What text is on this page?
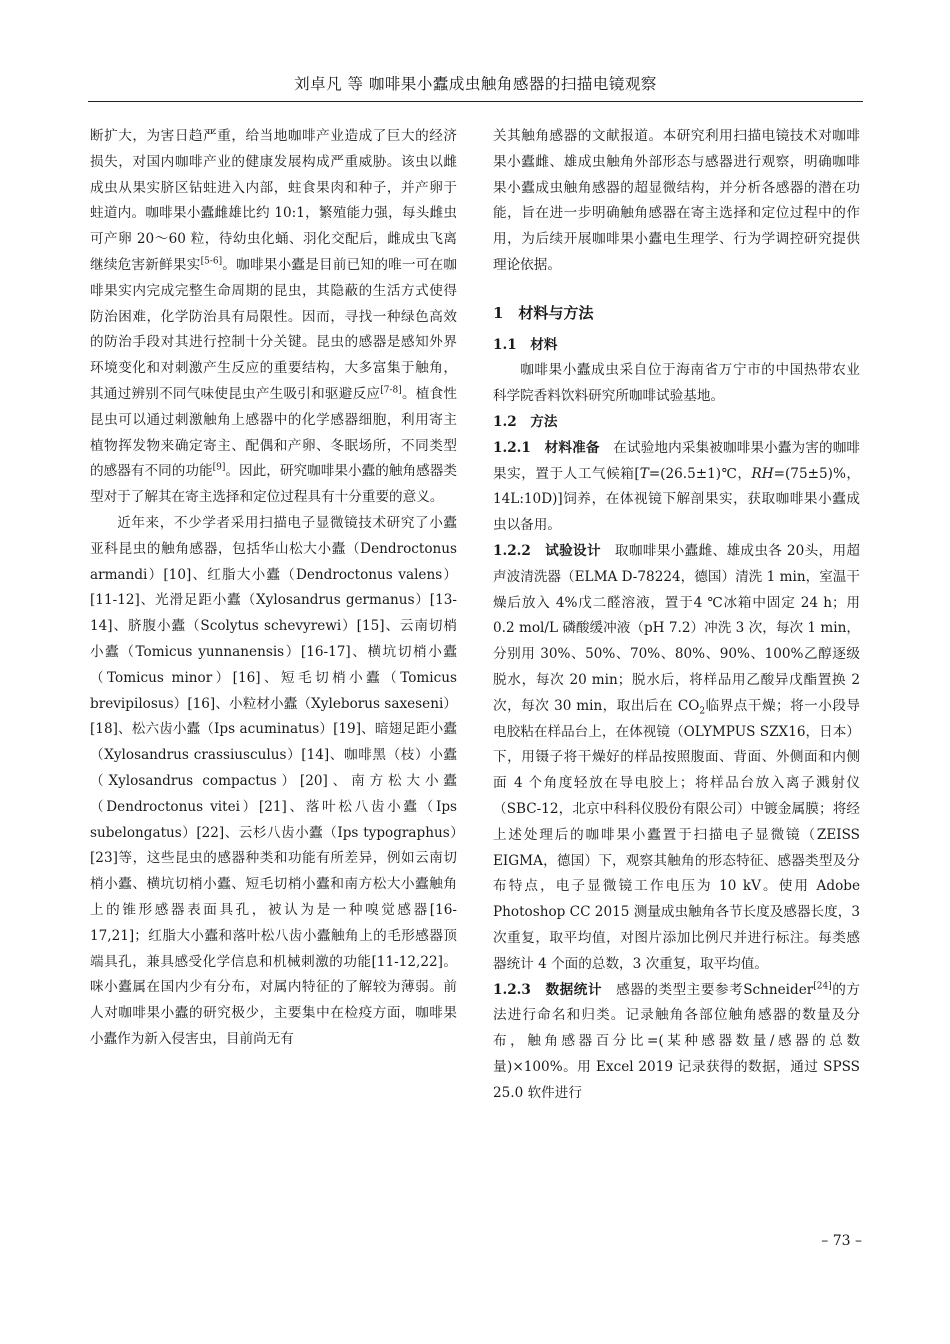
刘卓凡 等 咖啡果小蠹成虫触角感器的扫描电镜观察

断扩大，为害日趋严重，给当地咖啡产业造成了巨大的经济损失，对国内咖啡产业的健康发展构成严重威胁。该虫以雌成虫从果实脐区钻蛀进入内部，蛀食果肉和种子，并产卵于蛀道内。咖啡果小蠹雌雄比约 10:1，繁殖能力强，每头雌虫可产卵 20～60 粒，待幼虫化蛹、羽化交配后，雌成虫飞离继续危害新鲜果实[5-6]。咖啡果小蠹是目前已知的唯一可在咖啡果实内完成完整生命周期的昆虫，其隐蔽的生活方式使得防治困难，化学防治具有局限性。因而，寻找一种绿色高效的防治手段对其进行控制十分关键。昆虫的感器是感知外界环境变化和对刺激产生反应的重要结构，大多富集于触角，其通过辨别不同气味使昆虫产生吸引和驱避反应[7-8]。植食性昆虫可以通过刺激触角上感器中的化学感器细胞，利用寄主植物挥发物来确定寄主、配偶和产卵、冬眠场所，不同类型的感器有不同的功能[9]。因此，研究咖啡果小蠹的触角感器类型对于了解其在寄主选择和定位过程具有十分重要的意义。

近年来，不少学者采用扫描电子显微镜技术研究了小蠹亚科昆虫的触角感器，包括华山松大小蠹（Dendroctonus armandi）[10]、红脂大小蠹（Dendroctonus valens）[11-12]、光滑足距小蠹（Xylosandrus germanus）[13-14]、脐腹小蠹（Scolytus schevyrewi）[15]、云南切梢小蠹（Tomicus yunnanensis）[16-17]、横坑切梢小蠹（Tomicus minor）[16]、短毛切梢小蠹（Tomicus brevipilosus）[16]、小粒材小蠹（Xyleborus saxeseni）[18]、松六齿小蠹（Ips acuminatus）[19]、暗翅足距小蠹（Xylosandrus crassiusculus）[14]、咖啡黑（枝）小蠹（Xylosandrus compactus）[20]、南方松大小蠹（Dendroctonus vitei）[21]、落叶松八齿小蠹（Ips subelongatus）[22]、云杉八齿小蠹（Ips typographus）[23]等，这些昆虫的感器种类和功能有所差异，例如云南切梢小蠹、横坑切梢小蠹、短毛切梢小蠹和南方松大小蠹触角上的锥形感器表面具孔，被认为是一种嗅觉感器[16-17,21]；红脂大小蠹和落叶松八齿小蠹触角上的毛形感器顶端具孔，兼具感受化学信息和机械刺激的功能[11-12,22]。咪小蠹属在国内少有分布，对属内特征的了解较为薄弱。前人对咖啡果小蠹的研究极少，主要集中在检疫方面，咖啡果小蠹作为新入侵害虫，目前尚无有

关其触角感器的文献报道。本研究利用扫描电镜技术对咖啡果小蠹雌、雄成虫触角外部形态与感器进行观察，明确咖啡果小蠹成虫触角感器的超显微结构，并分析各感器的潜在功能，旨在进一步明确触角感器在寄主选择和定位过程中的作用，为后续开展咖啡果小蠹电生理学、行为学调控研究提供理论依据。

1　材料与方法

1.1　材料

咖啡果小蠹成虫采自位于海南省万宁市的中国热带农业科学院香料饮料研究所咖啡试验基地。

1.2　方法

1.2.1　材料准备　 在试验地内采集被咖啡果小蠹为害的咖啡果实，置于人工气候箱[T=(26.5±1)℃，RH=(75±5)%，14L:10D)]饲养，在体视镜下解剖果实，获取咖啡果小蠹成虫以备用。

1.2.2　试验设计　 取咖啡果小蠹雌、雄成虫各 20头，用超声波清洗器（ELMA D-78224，德国）清洗 1 min，室温干燥后放入 4%戊二醛溶液，置于4 ℃冰箱中固定 24 h；用 0.2 mol/L 磷酸缓冲液（pH 7.2）冲洗 3 次，每次 1 min，分别用 30%、50%、70%、80%、90%、100%乙醇逐级脱水，每次 20 min；脱水后，将样品用乙酸异戊酯置换 2 次，每次 30 min，取出后在 $CO_2$临界点干燥；将一小段导电胶粘在样品台上，在体视镜（OLYMPUS SZX16，日本）下，用镊子将干燥好的样品按照腹面、背面、外侧面和内侧面 4 个角度轻放在导电胶上；将样品台放入离子溅射仪（SBC-12，北京中科科仪股份有限公司）中镀金属膜；将经上述处理后的咖啡果小蠹置于扫描电子显微镜（ZEISS EIGMA，德国）下，观察其触角的形态特征、感器类型及分布特点，电子显微镜工作电压为 10 kV。使用 Adobe Photoshop CC 2015 测量成虫触角各节长度及感器长度，3 次重复，取平均值，对图片添加比例尺并进行标注。每类感器统计 4 个面的总数，3 次重复，取平均值。

1.2.3　数据统计　 感器的类型主要参考Schneider[24]的方法进行命名和归类。记录触角各部位触角感器的数量及分布，触角感器百分比=(某种感器数量/感器的总数量)×100%。用 Excel 2019 记录获得的数据，通过 SPSS 25.0 软件进行

– 73 –
